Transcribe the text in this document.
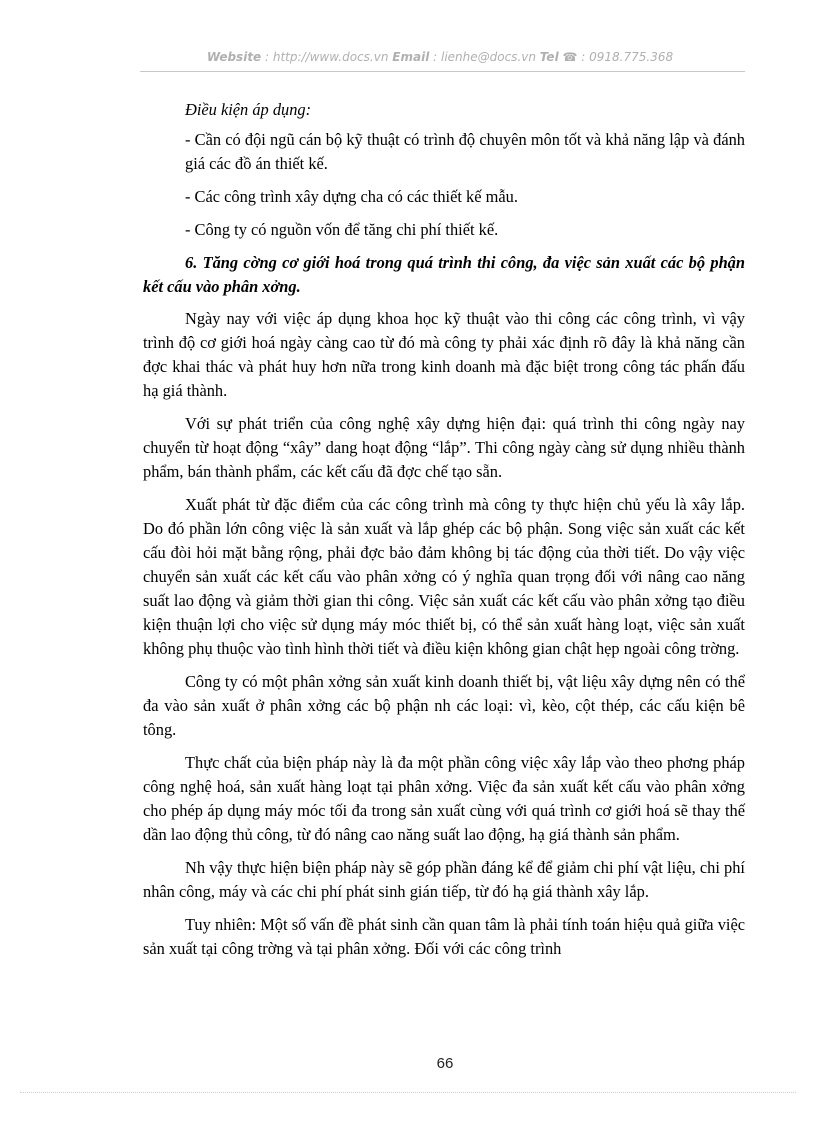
Website : http://www.docs.vn Email : lienhe@docs.vn Tel ☎ : 0918.775.368

Điều kiện áp dụng:

- Cần có đội ngũ cán bộ kỹ thuật có trình độ chuyên môn tốt và khả năng lập và đánh giá các đồ án thiết kế.

- Các công trình xây dựng cha có các thiết kế mẫu.

- Công ty có nguồn vốn để tăng chi phí thiết kế.

6. Tăng cờng cơ giới hoá trong quá trình thi công, đa việc sản xuất các bộ phận kết cấu vào phân xởng.

Ngày nay với việc áp dụng khoa học kỹ thuật vào thi công các công trình, vì vậy trình độ cơ giới hoá ngày càng cao từ đó mà công ty phải xác định rõ đây là khả năng cần đợc khai thác và phát huy hơn nữa trong kinh doanh mà đặc biệt trong công tác phấn đấu hạ giá thành.

Với sự phát triển của công nghệ xây dựng hiện đại: quá trình thi công ngày nay chuyển từ hoạt động “xây” dang hoạt động “lắp”. Thi công ngày càng sử dụng nhiều thành phẩm, bán thành phẩm, các kết cấu đã đợc chế tạo sẵn.

Xuất phát từ đặc điểm của các công trình mà công ty thực hiện chủ yếu là xây lắp. Do đó phần lớn công việc là sản xuất và lắp ghép các bộ phận. Song việc sản xuất các kết cấu đòi hỏi mặt bằng rộng, phải đợc bảo đảm không bị tác động của thời tiết. Do vậy việc chuyển sản xuất các kết cấu vào phân xởng có ý nghĩa quan trọng đối với nâng cao năng suất lao động và giảm thời gian thi công. Việc sản xuất các kết cấu vào phân xởng tạo điều kiện thuận lợi cho việc sử dụng máy móc thiết bị, có thể sản xuất hàng loạt, việc sản xuất không phụ thuộc vào tình hình thời tiết và điều kiện không gian chật hẹp ngoài công trờng.

Công ty có một phân xởng sản xuất kinh doanh thiết bị, vật liệu xây dựng nên có thể đa vào sản xuất ở phân xởng các bộ phận nh các loại: vì, kèo, cột thép, các cấu kiện bê tông.

Thực chất của biện pháp này là đa một phần công việc xây lắp vào theo phơng pháp công nghệ hoá, sản xuất hàng loạt tại phân xởng. Việc đa sản xuất kết cấu vào phân xởng cho phép áp dụng máy móc tối đa trong sản xuất cùng với quá trình cơ giới hoá sẽ thay thế dần lao động thủ công, từ đó nâng cao năng suất lao động, hạ giá thành sản phẩm.

Nh vậy thực hiện biện pháp này sẽ góp phần đáng kể để giảm chi phí vật liệu, chi phí nhân công, máy và các chi phí phát sinh gián tiếp, từ đó hạ giá thành xây lắp.

Tuy nhiên: Một số vấn đề phát sinh cần quan tâm là phải tính toán hiệu quả giữa việc sản xuất tại công trờng và tại phân xởng. Đối với các công trình

66
